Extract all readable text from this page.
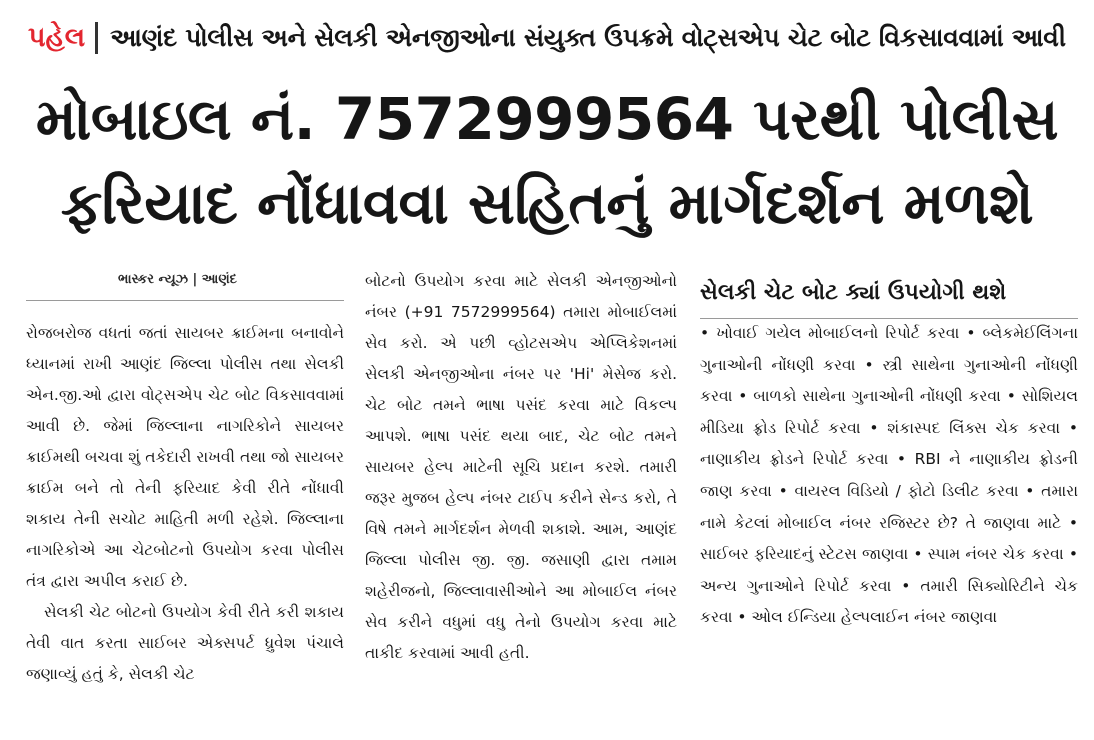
પહેલ આણંદ પોલીસ અને સેલકી એનજીઓના સંયુક્ત ઉપક્રમે વોટ્સએપ ચેટ બોટ વિકસાવવામાં આવી
મોબાઇલ નં. 7572999564 પરથી પોલીસ
ફરિયાદ નોંધાવવા સહિતનું માર્ગદર્શન મળશે
ભાસ્કર ન્યૂઝ | આણંદ

રોજબરોજ વધતાં જતાં સાયબર ક્રાઈમના બનાવોને ધ્યાનમાં રાખી આણંદ જિલ્લા પોલીસ તથા સેલકી એન.જી.ઓ દ્વારા વોટ્સએપ ચેટ બોટ વિકસાવવામાં આવી છે. જેમાં જિલ્લાના નાગરિકોને સાયબર ક્રાઈમથી બચવા શું તકેદારી રાખવી તથા જો સાયબર ક્રાઈમ બને તો તેની ફરિયાદ કેવી રીતે નોંધાવી શકાય તેની સચોટ માહિતી મળી રહેશે. જિલ્લાના નાગરિકોએ આ ચેટબોટનો ઉપયોગ કરવા પોલીસ તંત્ર દ્વારા અપીલ કરાઈ છે.

સેલકી ચેટ બોટનો ઉપયોગ કેવી રીતે કરી શકાય તેવી વાત કરતા સાઈબર એક્સપર્ટ ધ્રુવેશ પંચાલે જણાવ્યું હતું કે, સેલકી ચેટ

બોટનો ઉપયોગ કરવા માટે સેલકી એનજીઓનો નંબર (+91 7572999564) તમારા મોબાઈલમાં સેવ કરો. એ પછી વ્હોટસએપ એપ્લિકેશનમાં સેલકી એનજીઓના નંબર પર 'Hi' મેસેજ કરો. ચેટ બોટ તમને ભાષા પસંદ કરવા માટે વિકલ્પ આપશે. ભાષા પસંદ થયા બાદ, ચેટ બોટ તમને સાયબર હેલ્પ માટેની સૂચિ પ્રદાન કરશે. તમારી જરૂર મુજબ હેલ્પ નંબર ટાઈપ કરીને સેન્ડ કરો, તે વિષે તમને માર્ગદર્શન મેળવી શકાશે. આમ, આણંદ જિલ્લા પોલીસ જી. જી. જસાણી દ્વારા તમામ શહેરીજનો, જિલ્લાવાસીઓને આ મોબાઈલ નંબર સેવ કરીને વધુમાં વધુ તેનો ઉપયોગ કરવા માટે તાકીદ કરવામાં આવી હતી.

સેલકી ચેટ બોટ ક્યાં ઉપયોગી થશે

• ખોવાઈ ગયેલ મોબાઈલનો રિપોર્ટ કરવા • બ્લેકમેઈલિંગના ગુનાઓની નોંધણી કરવા • સ્ત્રી સાથેના ગુનાઓની નોંધણી કરવા • બાળકો સાથેના ગુનાઓની નોંધણી કરવા • સોશિયલ મીડિયા ફ્રોડ રિપોર્ટ કરવા • શંકાસ્પદ લિંક્સ ચેક કરવા • નાણાકીય ફ્રોડને રિપોર્ટ કરવા • RBI ને નાણાકીય ફ્રોડની જાણ કરવા • વાયરલ વિડિયો / ફોટો ડિલીટ કરવા • તમારા નામે કેટલાં મોબાઈલ નંબર રજિસ્ટર છે? તે જાણવા માટે • સાઈબર ફરિયાદનું સ્ટેટસ જાણવા • સ્પામ નંબર ચેક કરવા • અન્ય ગુનાઓને રિપોર્ટ કરવા • તમારી સિક્યોરિટીને ચેક કરવા • ઓલ ઈન્ડિયા હેલ્પલાઈન નંબર જાણવા
